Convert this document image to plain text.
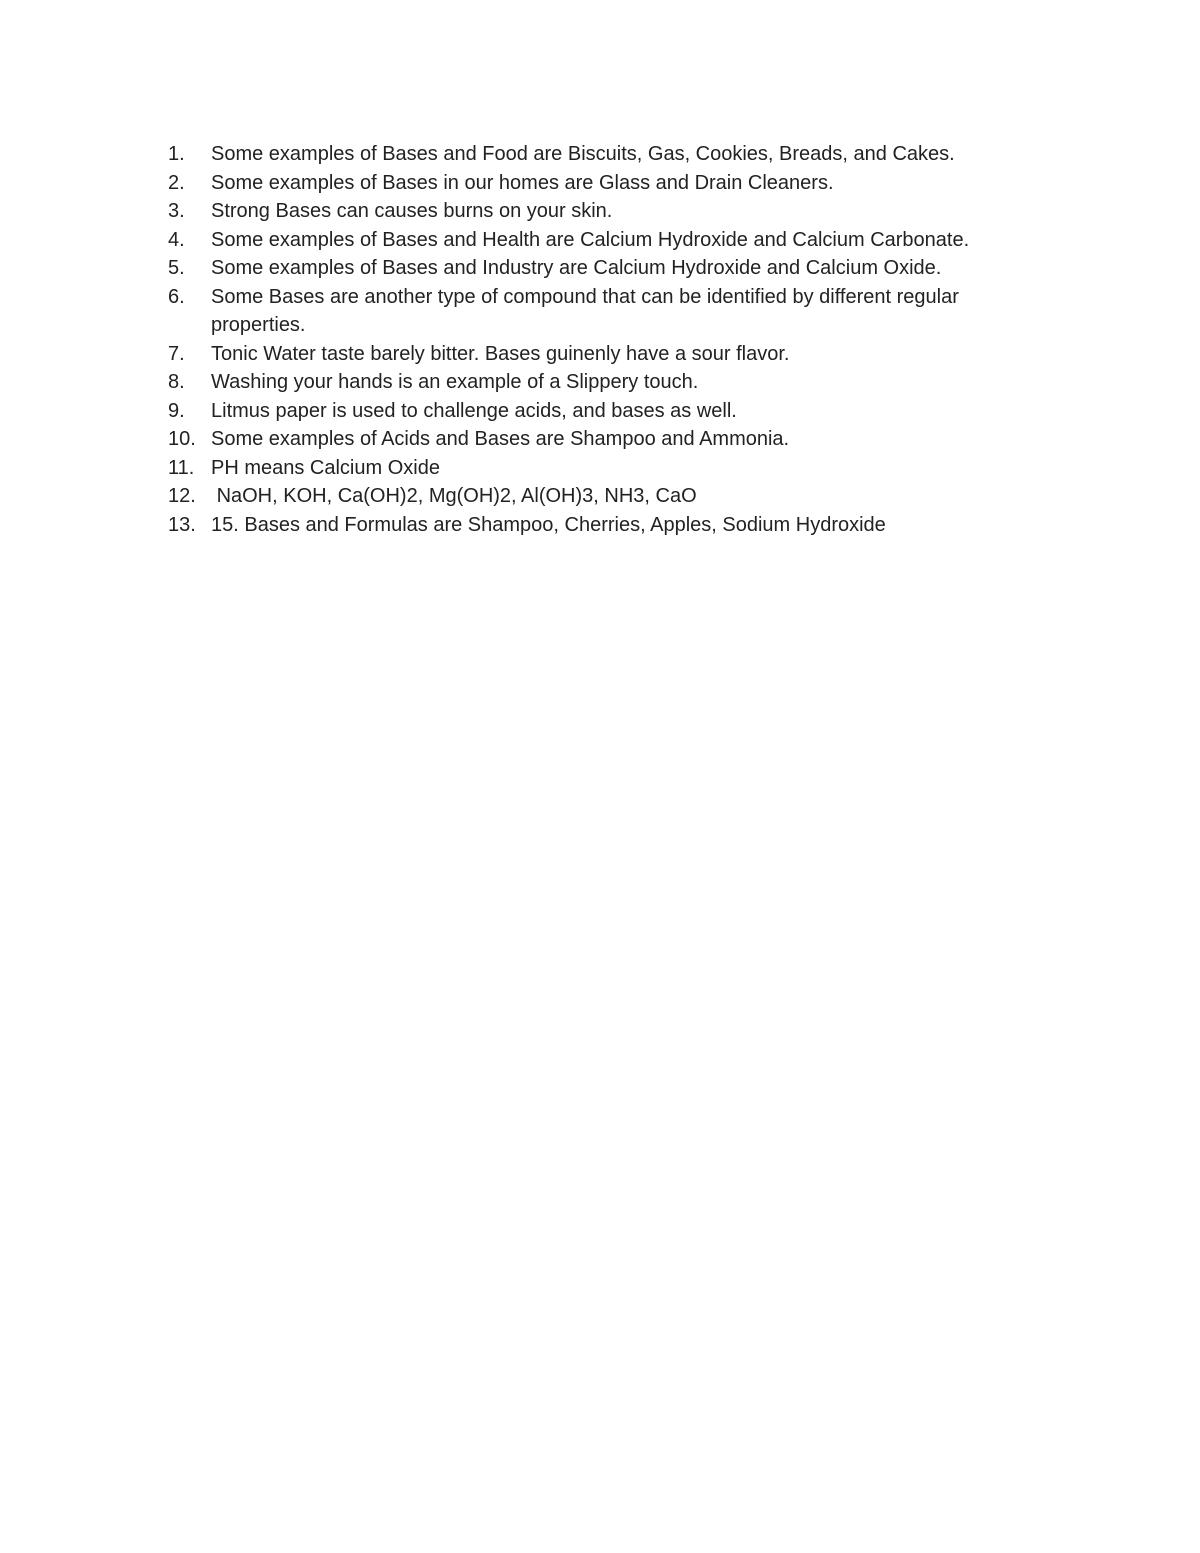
1.	Some examples of Bases and Food are Biscuits, Gas, Cookies, Breads, and Cakes.
2.	Some examples of Bases in our homes are Glass and Drain Cleaners.
3.	Strong Bases can causes burns on your skin.
4.	Some examples of Bases and Health are Calcium Hydroxide and Calcium Carbonate.
5.	Some examples of Bases and Industry are Calcium Hydroxide and Calcium Oxide.
6.	Some Bases are another type of compound that can be identified by different regular properties.
7.	Tonic Water taste barely bitter. Bases guinenly have a sour flavor.
8.	Washing your hands is an example of a Slippery touch.
9.	Litmus paper is used to challenge acids, and bases as well.
10. Some examples of Acids and Bases are Shampoo and Ammonia.
11. PH means Calcium Oxide
12. NaOH, KOH, Ca(OH)2, Mg(OH)2, Al(OH)3, NH3, CaO
13. 15. Bases and Formulas are Shampoo, Cherries, Apples, Sodium Hydroxide
